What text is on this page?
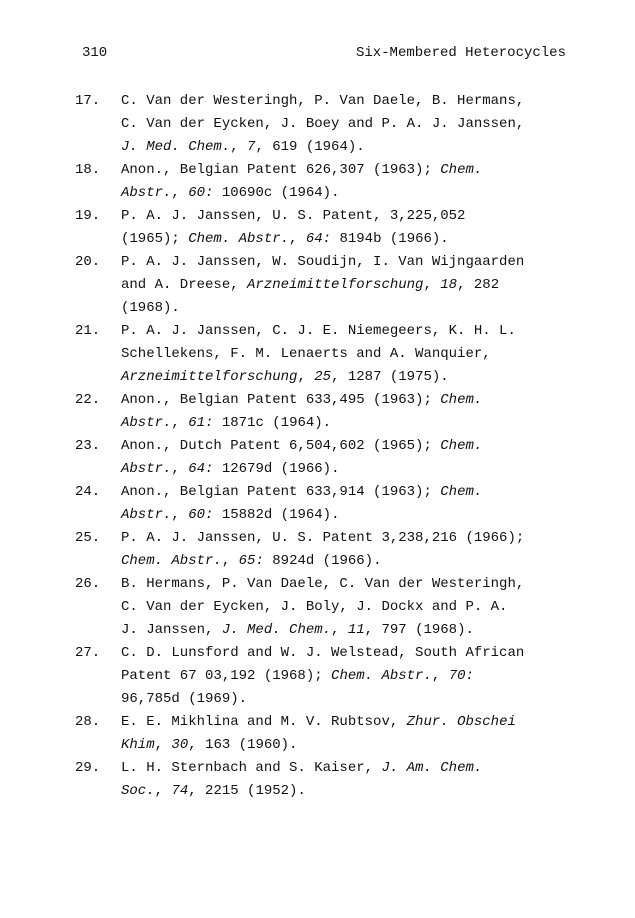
310	Six-Membered Heterocycles
17. C. Van der Westeringh, P. Van Daele, B. Hermans,
C. Van der Eycken, J. Boey and P. A. J. Janssen,
J. Med. Chem., 7, 619 (1964).
18. Anon., Belgian Patent 626,307 (1963); Chem.
Abstr., 60: 10690c (1964).
19. P. A. J. Janssen, U. S. Patent, 3,225,052
(1965); Chem. Abstr., 64: 8194b (1966).
20. P. A. J. Janssen, W. Soudijn, I. Van Wijngaarden
and A. Dreese, Arzneimittelforschung, 18, 282
(1968).
21. P. A. J. Janssen, C. J. E. Niemegeers, K. H. L.
Schellekens, F. M. Lenaerts and A. Wanquier,
Arzneimittelforschung, 25, 1287 (1975).
22. Anon., Belgian Patent 633,495 (1963); Chem.
Abstr., 61: 1871c (1964).
23. Anon., Dutch Patent 6,504,602 (1965); Chem.
Abstr., 64: 12679d (1966).
24. Anon., Belgian Patent 633,914 (1963); Chem.
Abstr., 60: 15882d (1964).
25. P. A. J. Janssen, U. S. Patent 3,238,216 (1966);
Chem. Abstr., 65: 8924d (1966).
26. B. Hermans, P. Van Daele, C. Van der Westeringh,
C. Van der Eycken, J. Boly, J. Dockx and P. A.
J. Janssen, J. Med. Chem., 11, 797 (1968).
27. C. D. Lunsford and W. J. Welstead, South African
Patent 67 03,192 (1968); Chem. Abstr., 70:
96,785d (1969).
28. E. E. Mikhlina and M. V. Rubtsov, Zhur. Obschei
Khim, 30, 163 (1960).
29. L. H. Sternbach and S. Kaiser, J. Am. Chem.
Soc., 74, 2215 (1952).
